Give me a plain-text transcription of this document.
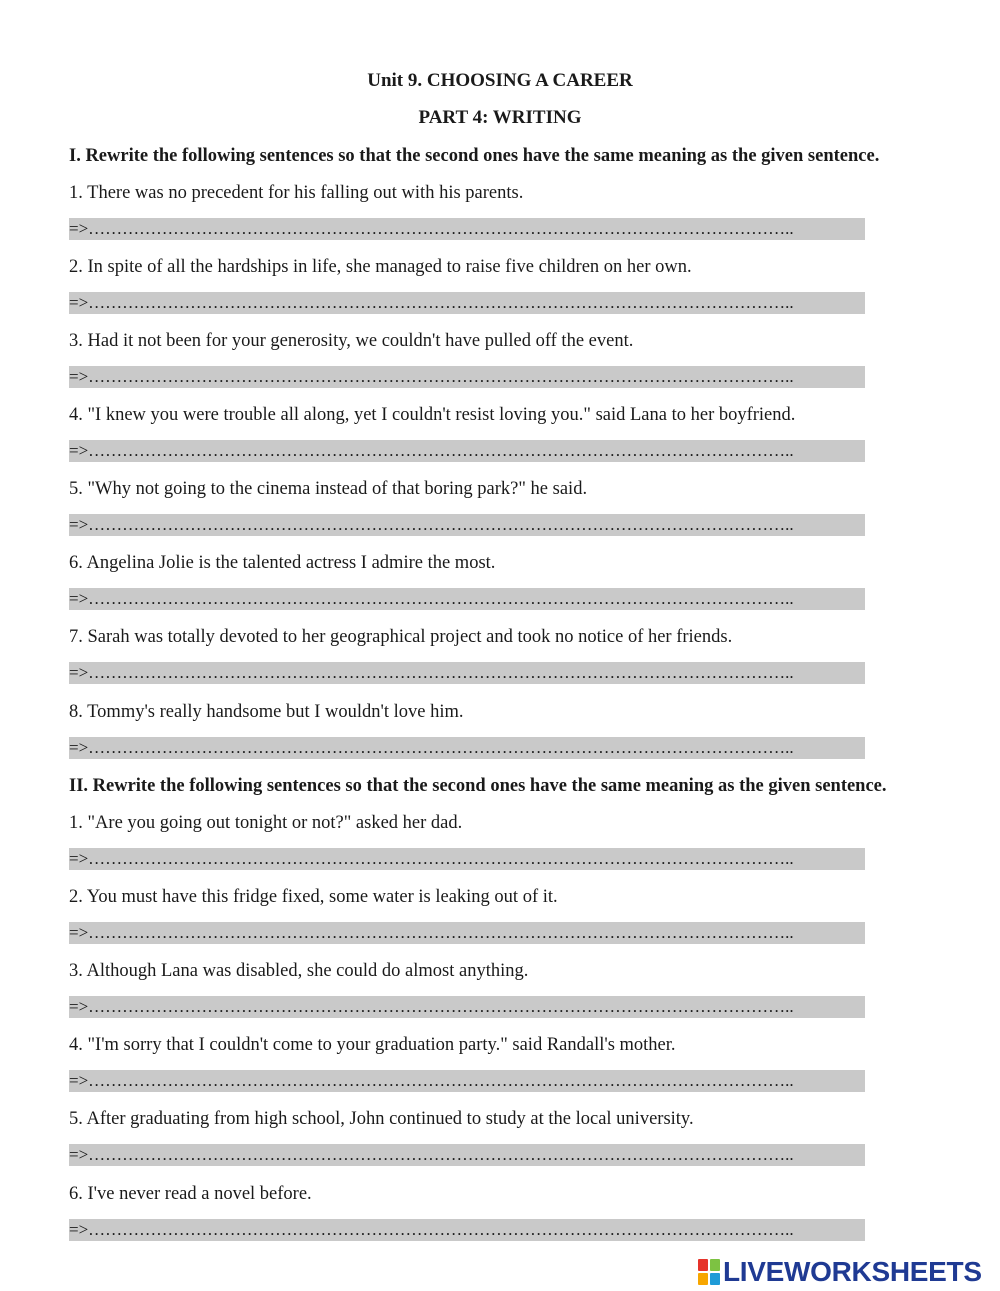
Unit 9. CHOOSING A CAREER
PART 4: WRITING
I. Rewrite the following sentences so that the second ones have the same meaning as the given sentence.
1. There was no precedent for his falling out with his parents.
=>……………………………………………………………………………………………………………..
2. In spite of all the hardships in life, she managed to raise five children on her own.
=>……………………………………………………………………………………………………………..
3. Had it not been for your generosity, we couldn't have pulled off the event.
=>……………………………………………………………………………………………………………..
4. "I knew you were trouble all along, yet I couldn't resist loving you." said Lana to her boyfriend.
=>……………………………………………………………………………………………………………..
5. "Why not going to the cinema instead of that boring park?" he said.
=>……………………………………………………………………………………………………………..
6. Angelina Jolie is the talented actress I admire the most.
=>……………………………………………………………………………………………………………..
7. Sarah was totally devoted to her geographical project and took no notice of her friends.
=>……………………………………………………………………………………………………………..
8. Tommy's really handsome but I wouldn't love him.
=>……………………………………………………………………………………………………………..
II. Rewrite the following sentences so that the second ones have the same meaning as the given sentence.
1. "Are you going out tonight or not?" asked her dad.
=>……………………………………………………………………………………………………………..
2. You must have this fridge fixed, some water is leaking out of it.
=>……………………………………………………………………………………………………………..
3. Although Lana was disabled, she could do almost anything.
=>……………………………………………………………………………………………………………..
4. "I'm sorry that I couldn't come to your graduation party." said Randall's mother.
=>……………………………………………………………………………………………………………..
5. After graduating from high school, John continued to study at the local university.
=>……………………………………………………………………………………………………………..
6. I've never read a novel before.
=>……………………………………………………………………………………………………………..
LIVEWORKSHEETS
